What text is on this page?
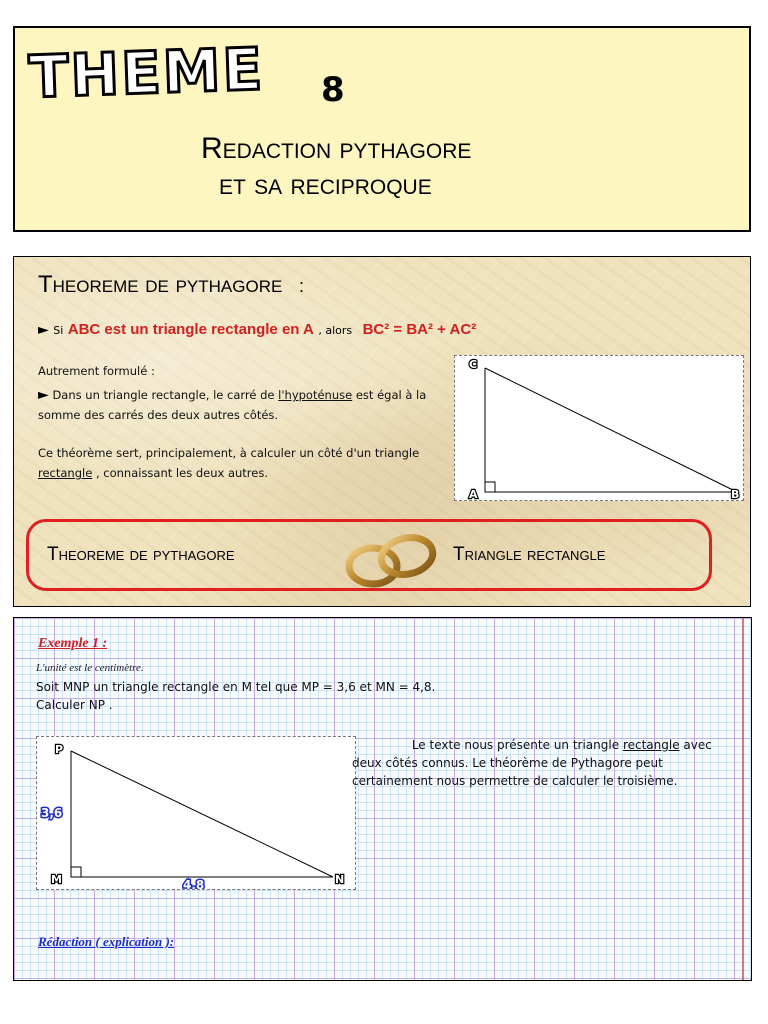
THEME 8
Redaction pythagore
et sa reciproque
Theoreme de pythagore :
► Si ABC est un triangle rectangle en A , alors BC² = BA² + AC²
Autrement formulé :
► Dans un triangle rectangle, le carré de l'hypoténuse est égal à la somme des carrés des deux autres côtés.
Ce théorème sert, principalement, à calculer un côté d'un triangle rectangle , connaissant les deux autres.
C
A	B
Theoreme de pythagore	Triangle rectangle
Exemple 1 :
L'unité est le centimètre.
Soit MNP un triangle rectangle en M tel que MP = 3,6 et MN = 4,8.
Calculer NP .
P
M	N
3,6
4,8
Le texte nous présente un triangle rectangle avec deux côtés connus. Le théorème de Pythagore peut certainement nous permettre de calculer le troisième.
Rédaction ( explication ):
